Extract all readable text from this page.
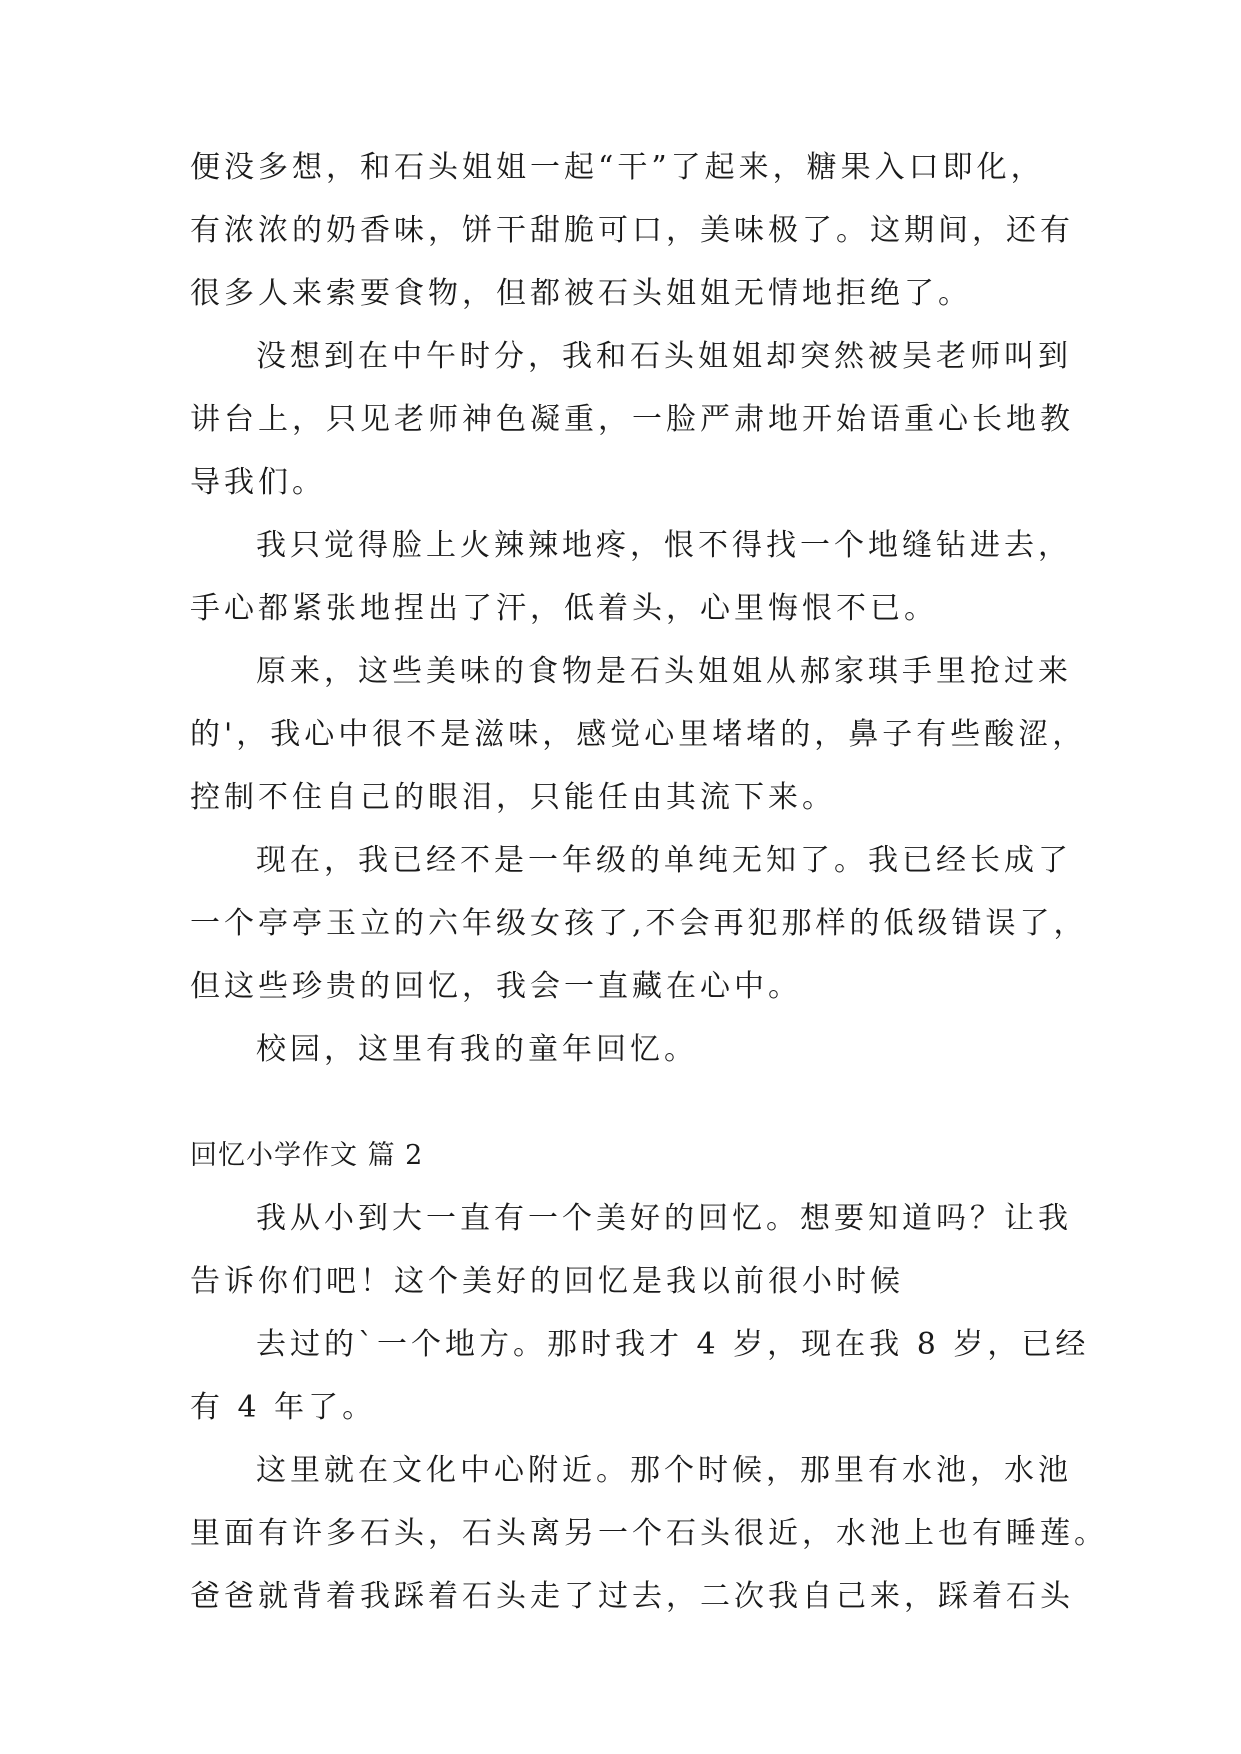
便没多想，和石头姐姐一起“干”了起来，糖果入口即化，
有浓浓的奶香味，饼干甜脆可口，美味极了。这期间，还有
很多人来索要食物，但都被石头姐姐无情地拒绝了。
没想到在中午时分，我和石头姐姐却突然被吴老师叫到
讲台上，只见老师神色凝重，一脸严肃地开始语重心长地教
导我们。
我只觉得脸上火辣辣地疼，恨不得找一个地缝钻进去，
手心都紧张地捏出了汗，低着头，心里悔恨不已。
原来，这些美味的食物是石头姐姐从郝家琪手里抢过来
的'，我心中很不是滋味，感觉心里堵堵的，鼻子有些酸涩，
控制不住自己的眼泪，只能任由其流下来。
现在，我已经不是一年级的单纯无知了。我已经长成了
一个亭亭玉立的六年级女孩了,不会再犯那样的低级错误了，
但这些珍贵的回忆，我会一直藏在心中。
校园，这里有我的童年回忆。
回忆小学作文 篇 2
我从小到大一直有一个美好的回忆。想要知道吗？让我
告诉你们吧！这个美好的回忆是我以前很小时候
去过的`一个地方。那时我才 4 岁，现在我 8 岁，已经
有 4 年了。
这里就在文化中心附近。那个时候，那里有水池，水池
里面有许多石头，石头离另一个石头很近，水池上也有睡莲。
爸爸就背着我踩着石头走了过去，二次我自己来，踩着石头
